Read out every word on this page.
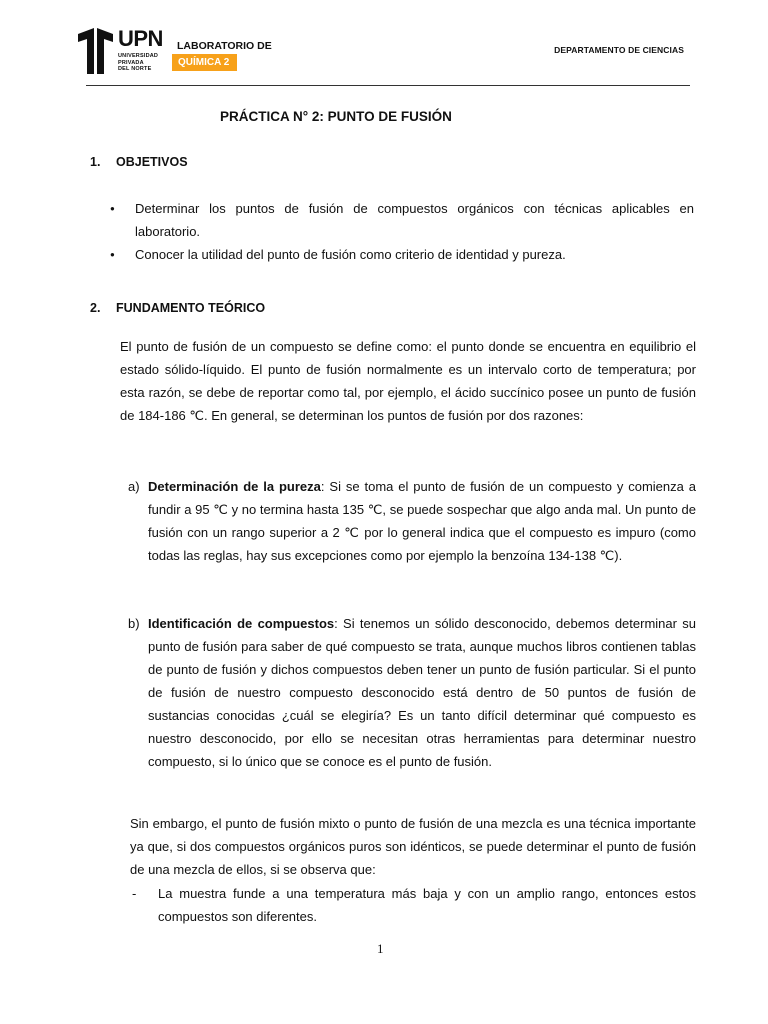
UPN
UNIVERSIDAD
PRIVADA
DEL NORTE
LABORATORIO DE
QUÍMICA 2
DEPARTAMENTO DE CIENCIAS
PRÁCTICA N° 2: PUNTO DE FUSIÓN
1. OBJETIVOS
● Determinar los puntos de fusión de compuestos orgánicos con técnicas aplicables en laboratorio.
● Conocer la utilidad del punto de fusión como criterio de identidad y pureza.
2. FUNDAMENTO TEÓRICO
El punto de fusión de un compuesto se define como: el punto donde se encuentra en equilibrio el estado sólido-líquido. El punto de fusión normalmente es un intervalo corto de temperatura; por esta razón, se debe de reportar como tal, por ejemplo, el ácido succínico posee un punto de fusión de 184-186 ℃. En general, se determinan los puntos de fusión por dos razones:
a) Determinación de la pureza: Si se toma el punto de fusión de un compuesto y comienza a fundir a 95 ℃ y no termina hasta 135 ℃, se puede sospechar que algo anda mal. Un punto de fusión con un rango superior a 2 ℃ por lo general indica que el compuesto es impuro (como todas las reglas, hay sus excepciones como por ejemplo la benzoína 134-138 ℃).
b) Identificación de compuestos: Si tenemos un sólido desconocido, debemos determinar su punto de fusión para saber de qué compuesto se trata, aunque muchos libros contienen tablas de punto de fusión y dichos compuestos deben tener un punto de fusión particular. Si el punto de fusión de nuestro compuesto desconocido está dentro de 50 puntos de fusión de sustancias conocidas ¿cuál se elegiría? Es un tanto difícil determinar qué compuesto es nuestro desconocido, por ello se necesitan otras herramientas para determinar nuestro compuesto, si lo único que se conoce es el punto de fusión.
Sin embargo, el punto de fusión mixto o punto de fusión de una mezcla es una técnica importante ya que, si dos compuestos orgánicos puros son idénticos, se puede determinar el punto de fusión de una mezcla de ellos, si se observa que:
- La muestra funde a una temperatura más baja y con un amplio rango, entonces estos compuestos son diferentes.
1
